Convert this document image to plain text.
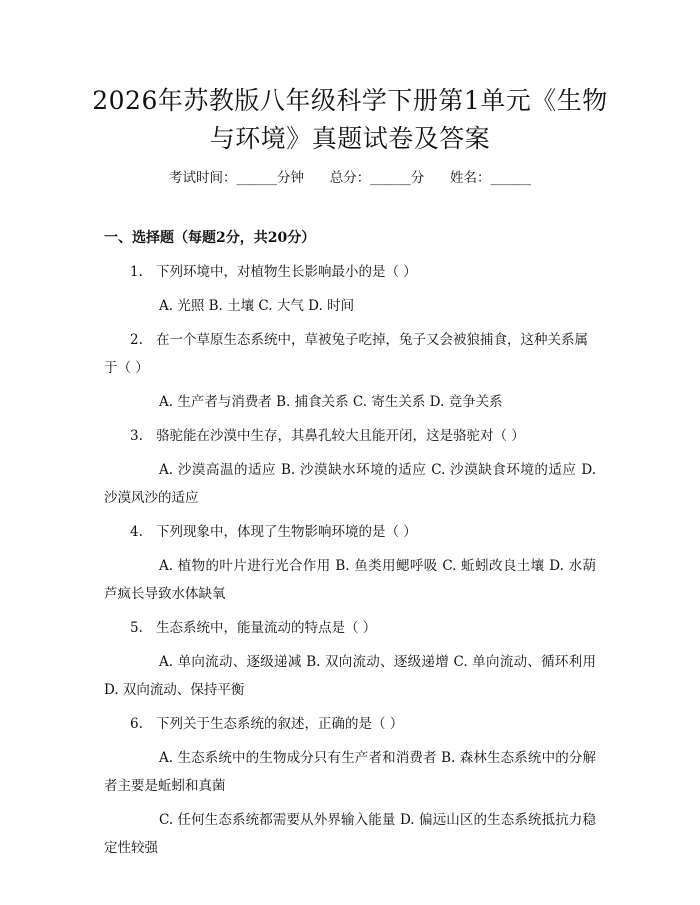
2026年苏教版八年级科学下册第1单元《生物与环境》真题试卷及答案
考试时间：______分钟      总分：______分      姓名：______
一、选择题（每题2分，共20分）

1. 下列环境中，对植物生长影响最小的是（ ）

A. 光照 B. 土壤 C. 大气 D. 时间

2. 在一个草原生态系统中，草被兔子吃掉，兔子又会被狼捕食，这种关系属于（ ）

A. 生产者与消费者 B. 捕食关系 C. 寄生关系 D. 竞争关系

3. 骆驼能在沙漠中生存，其鼻孔较大且能开闭，这是骆驼对（ ）

A. 沙漠高温的适应 B. 沙漠缺水环境的适应 C. 沙漠缺食环境的适应 D. 沙漠风沙的适应

4. 下列现象中，体现了生物影响环境的是（ ）

A. 植物的叶片进行光合作用 B. 鱼类用鳃呼吸 C. 蚯蚓改良土壤 D. 水葫芦疯长导致水体缺氧

5. 生态系统中，能量流动的特点是（ ）

A. 单向流动、逐级递减 B. 双向流动、逐级递增 C. 单向流动、循环利用 D. 双向流动、保持平衡

6. 下列关于生态系统的叙述，正确的是（ ）

A. 生态系统中的生物成分只有生产者和消费者 B. 森林生态系统中的分解者主要是蚯蚓和真菌

C. 任何生态系统都需要从外界输入能量 D. 偏远山区的生态系统抵抗力稳定性较强
